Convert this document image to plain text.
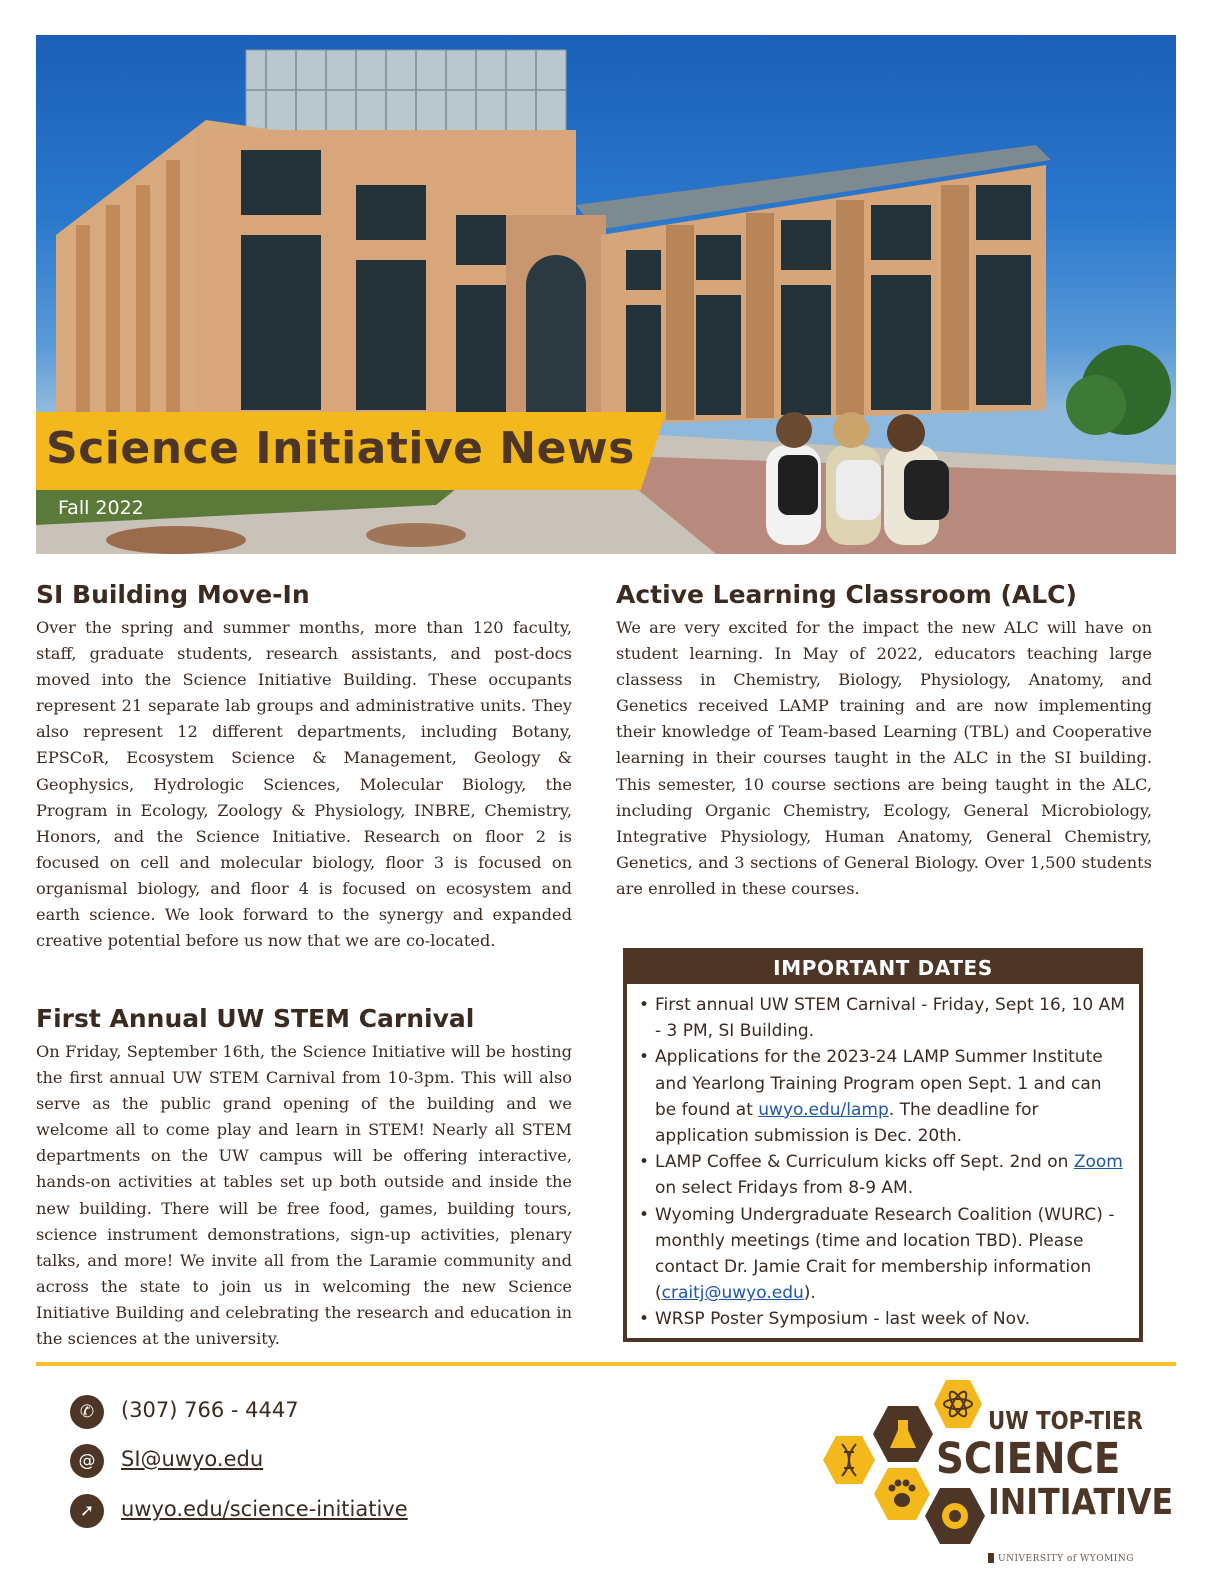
Science Initiative News
Fall 2022
SI Building Move-In

Over the spring and summer months, more than 120 faculty, staff, graduate students, research assistants, and post-docs moved into the Science Initiative Building. These occupants represent 21 separate lab groups and administrative units. They also represent 12 different departments, including Botany, EPSCoR, Ecosystem Science & Management, Geology & Geophysics, Hydrologic Sciences, Molecular Biology, the Program in Ecology, Zoology & Physiology, INBRE, Chemistry, Honors, and the Science Initiative. Research on floor 2 is focused on cell and molecular biology, floor 3 is focused on organismal biology, and floor 4 is focused on ecosystem and earth science. We look forward to the synergy and expanded creative potential before us now that we are co-located.

First Annual UW STEM Carnival

On Friday, September 16th, the Science Initiative will be hosting the first annual UW STEM Carnival from 10-3pm. This will also serve as the public grand opening of the building and we welcome all to come play and learn in STEM! Nearly all STEM departments on the UW campus will be offering interactive, hands-on activities at tables set up both outside and inside the new building. There will be free food, games, building tours, science instrument demonstrations, sign-up activities, plenary talks, and more! We invite all from the Laramie community and across the state to join us in welcoming the new Science Initiative Building and celebrating the research and education in the sciences at the university.

Active Learning Classroom (ALC)

We are very excited for the impact the new ALC will have on student learning. In May of 2022, educators teaching large classess in Chemistry, Biology, Physiology, Anatomy, and Genetics received LAMP training and are now implementing their knowledge of Team-based Learning (TBL) and Cooperative learning in their courses taught in the ALC in the SI building. This semester, 10 course sections are being taught in the ALC, including Organic Chemistry, Ecology, General Microbiology, Integrative Physiology, Human Anatomy, General Chemistry, Genetics, and 3 sections of General Biology. Over 1,500 students are enrolled in these courses.

IMPORTANT DATES
• First annual UW STEM Carnival - Friday, Sept 16, 10 AM - 3 PM, SI Building.
• Applications for the 2023-24 LAMP Summer Institute and Yearlong Training Program open Sept. 1 and can be found at uwyo.edu/lamp. The deadline for application submission is Dec. 20th.
• LAMP Coffee & Curriculum kicks off Sept. 2nd on Zoom on select Fridays from 8-9 AM.
• Wyoming Undergraduate Research Coalition (WURC) - monthly meetings (time and location TBD). Please contact Dr. Jamie Crait for membership information (craitj@uwyo.edu).
• WRSP Poster Symposium - last week of Nov.
✆	(307) 766 - 4447
@	SI@uwyo.edu
➚	uwyo.edu/science-initiative
UW TOP-TIER
SCIENCE
INITIATIVE
UNIVERSITY of WYOMING
